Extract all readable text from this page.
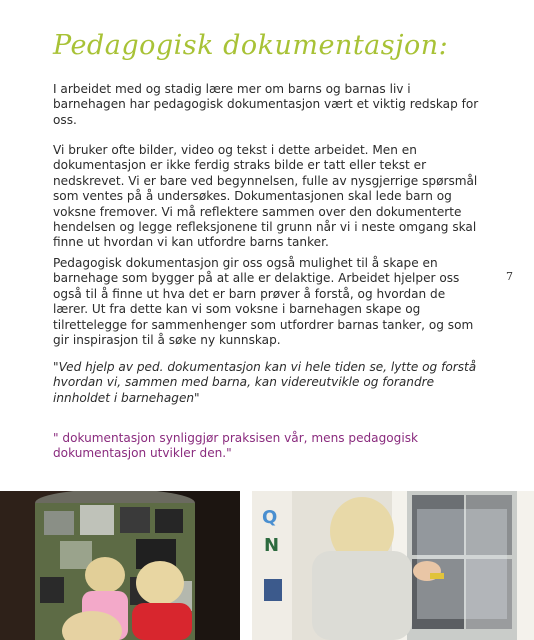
Pedagogisk dokumentasjon:

I arbeidet med og stadig lære mer om barns og barnas liv i barnehagen har pedagogisk dokumentasjon vært et viktig redskap for oss.

Vi bruker ofte bilder, video og tekst i dette arbeidet. Men en dokumentasjon er ikke ferdig straks bilde er tatt eller tekst er nedskrevet. Vi er bare ved begynnelsen, fulle av nysgjerrige spørsmål som ventes på å undersøkes. Dokumentasjonen skal lede barn og voksne fremover. Vi må reflektere sammen over den dokumenterte hendelsen og legge refleksjonene til grunn når vi i neste omgang skal finne ut hvordan vi kan utfordre barns tanker.

Pedagogisk dokumentasjon gir oss også mulighet til å skape en barnehage som bygger på at alle er delaktige. Arbeidet hjelper oss også til å finne ut hva det er barn prøver å forstå, og hvordan de lærer. Ut fra dette kan vi som voksne i barnehagen skape og tilrettelegge for sammenhenger som utfordrer barnas tanker, og som gir inspirasjon til å søke ny kunnskap.

"Ved hjelp av ped. dokumentasjon kan vi hele tiden se, lytte og forstå hvordan vi, sammen med barna, kan videreutvikle og forandre innholdet i barnehagen"

" dokumentasjon synliggjør praksisen vår, mens pedagogisk dokumentasjon utvikler den."

7
Q
N
